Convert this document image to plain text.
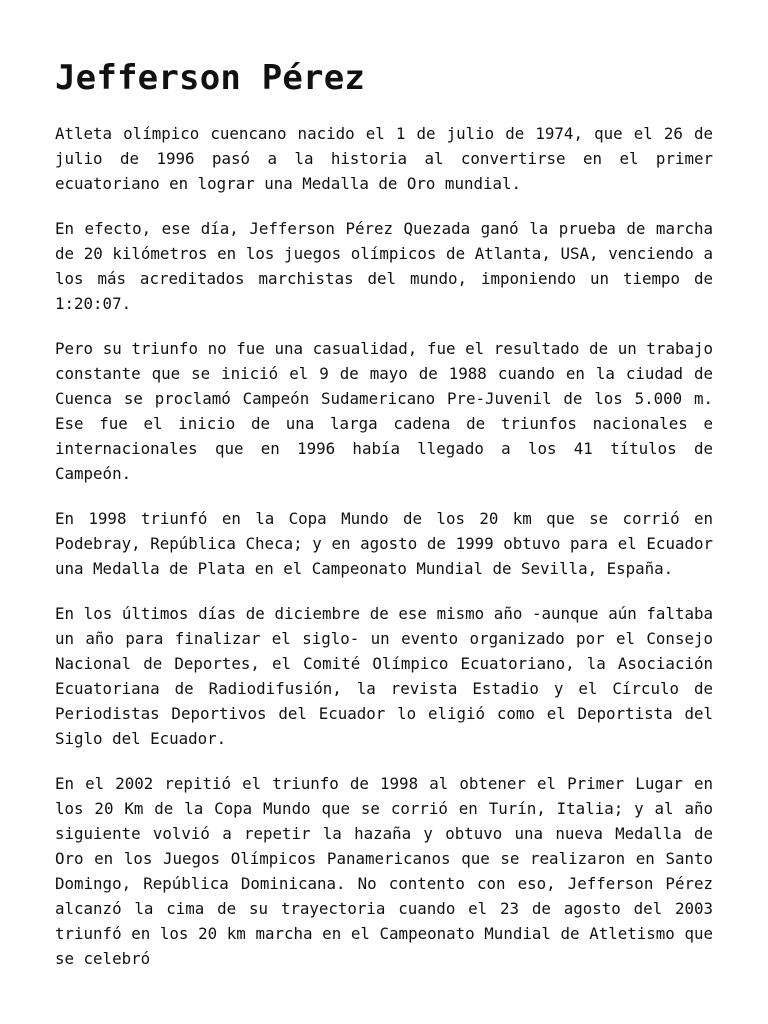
Jefferson Pérez

Atleta olímpico cuencano nacido el 1 de julio de 1974, que el 26 de julio de 1996 pasó a la historia al convertirse en el primer ecuatoriano en lograr una Medalla de Oro mundial.

En efecto, ese día, Jefferson Pérez Quezada ganó la prueba de marcha de 20 kilómetros en los juegos olímpicos de Atlanta, USA, venciendo a los más acreditados marchistas del mundo, imponiendo un tiempo de 1:20:07.

Pero su triunfo no fue una casualidad, fue el resultado de un trabajo constante que se inició el 9 de mayo de 1988 cuando en la ciudad de Cuenca se proclamó Campeón Sudamericano Pre-Juvenil de los 5.000 m. Ese fue el inicio de una larga cadena de triunfos nacionales e internacionales que en 1996 había llegado a los 41 títulos de Campeón.

En 1998 triunfó en la Copa Mundo de los 20 km que se corrió en Podebray, República Checa; y en agosto de 1999 obtuvo para el Ecuador una Medalla de Plata en el Campeonato Mundial de Sevilla, España.

En los últimos días de diciembre de ese mismo año -aunque aún faltaba un año para finalizar el siglo- un evento organizado por el Consejo Nacional de Deportes, el Comité Olímpico Ecuatoriano, la Asociación Ecuatoriana de Radiodifusión, la revista Estadio y el Círculo de Periodistas Deportivos del Ecuador lo eligió como el Deportista del Siglo del Ecuador.

En el 2002 repitió el triunfo de 1998 al obtener el Primer Lugar en los 20 Km de la Copa Mundo que se corrió en Turín, Italia; y al año siguiente volvió a repetir la hazaña y obtuvo una nueva Medalla de Oro en los Juegos Olímpicos Panamericanos que se realizaron en Santo Domingo, República Dominicana. No contento con eso, Jefferson Pérez alcanzó la cima de su trayectoria cuando el 23 de agosto del 2003 triunfó en los 20 km marcha en el Campeonato Mundial de Atletismo que se celebró
